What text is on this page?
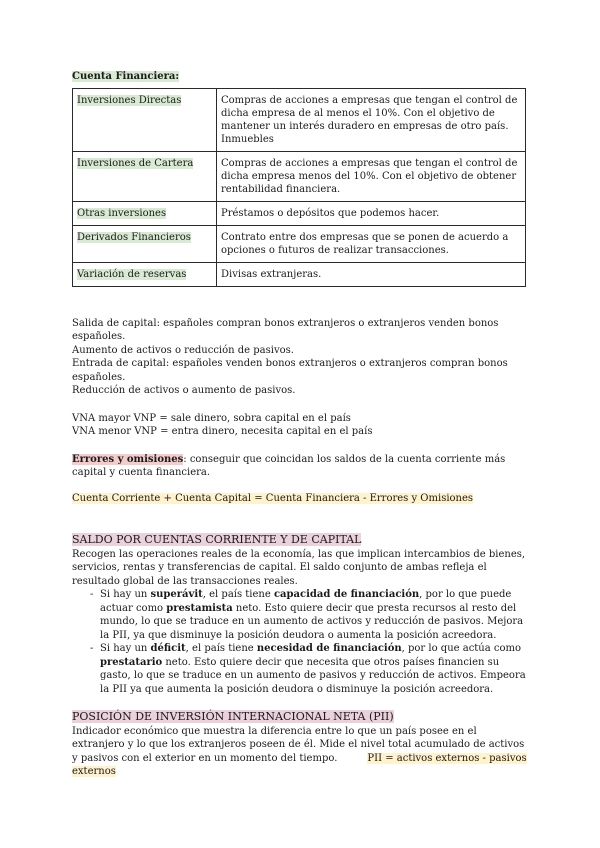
Cuenta Financiera:
Inversiones Directas	Compras de acciones a empresas que tengan el control de dicha empresa de al menos el 10%. Con el objetivo de mantener un interés duradero en empresas de otro país. Inmuebles
Inversiones de Cartera	Compras de acciones a empresas que tengan el control de dicha empresa menos del 10%. Con el objetivo de obtener rentabilidad financiera.
Otras inversiones	Préstamos o depósitos que podemos hacer.
Derivados Financieros	Contrato entre dos empresas que se ponen de acuerdo a opciones o futuros de realizar transacciones.
Variación de reservas	Divisas extranjeras.

Salida de capital: españoles compran bonos extranjeros o extranjeros venden bonos españoles.

Aumento de activos o reducción de pasivos.

Entrada de capital: españoles venden bonos extranjeros o extranjeros compran bonos españoles.

Reducción de activos o aumento de pasivos.

VNA mayor VNP = sale dinero, sobra capital en el país

VNA menor VNP = entra dinero, necesita capital en el país

Errores y omisiones: conseguir que coincidan los saldos de la cuenta corriente más capital y cuenta financiera.

Cuenta Corriente + Cuenta Capital = Cuenta Financiera - Errores y Omisiones
SALDO POR CUENTAS CORRIENTE Y DE CAPITAL

Recogen las operaciones reales de la economía, las que implican intercambios de bienes, servicios, rentas y transferencias de capital. El saldo conjunto de ambas refleja el resultado global de las transacciones reales.

- Si hay un superávit, el país tiene capacidad de financiación, por lo que puede actuar como prestamista neto. Esto quiere decir que presta recursos al resto del mundo, lo que se traduce en un aumento de activos y reducción de pasivos. Mejora la PII, ya que disminuye la posición deudora o aumenta la posición acreedora.
- Si hay un déficit, el país tiene necesidad de financiación, por lo que actúa como prestatario neto. Esto quiere decir que necesita que otros países financien su gasto, lo que se traduce en un aumento de pasivos y reducción de activos. Empeora la PII ya que aumenta la posición deudora o disminuye la posición acreedora.
POSICIÓN DE INVERSIÓN INTERNACIONAL NETA (PII)

Indicador económico que muestra la diferencia entre lo que un país posee en el extranjero y lo que los extranjeros poseen de él. Mide el nivel total acumulado de activos y pasivos con el exterior en un momento del tiempo.	PII = activos externos - pasivos externos
